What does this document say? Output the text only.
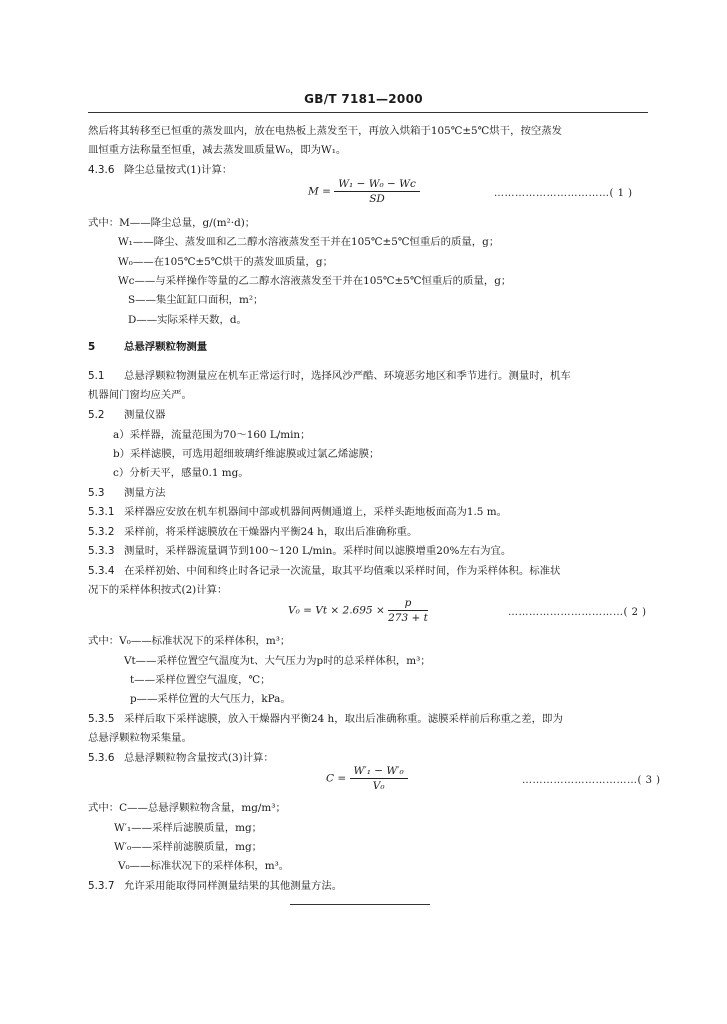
GB/T 7181—2000
然后将其转移至已恒重的蒸发皿内，放在电热板上蒸发至干，再放入烘箱于105℃±5℃烘干，按空蒸发
皿恒重方法称量至恒重，减去蒸发皿质量W₀，即为W₁。
4.3.6 降尘总量按式(1)计算：
$M = \frac{\text{W₁ − W₀ − Wc}}{SD}$	……………………………( 1 )
式中：M——降尘总量，g/(m²·d)；
W₁——降尘、蒸发皿和乙二醇水溶液蒸发至干并在105℃±5℃恒重后的质量，g；
W₀——在105℃±5℃烘干的蒸发皿质量，g；
Wc——与采样操作等量的乙二醇水溶液蒸发至干并在105℃±5℃恒重后的质量，g；
S——集尘缸缸口面积，m²；
D——实际采样天数，d。
5	总悬浮颗粒物测量
5.1 总悬浮颗粒物测量应在机车正常运行时，选择风沙严酷、环境恶劣地区和季节进行。测量时，机车
机器间门窗均应关严。
5.2 测量仪器
a）采样器，流量范围为70～160 L/min；
b）采样滤膜，可选用超细玻璃纤维滤膜或过氯乙烯滤膜；
c）分析天平，感量0.1 mg。
5.3 测量方法
5.3.1 采样器应安放在机车机器间中部或机器间两侧通道上，采样头距地板面高为1.5 m。
5.3.2 采样前，将采样滤膜放在干燥器内平衡24 h，取出后准确称重。
5.3.3 测量时，采样器流量调节到100～120 L/min。采样时间以滤膜增重20%左右为宜。
5.3.4 在采样初始、中间和终止时各记录一次流量，取其平均值乘以采样时间，作为采样体积。标准状
况下的采样体积按式(2)计算：
$V_0 = Vt \times 2.695 \times \frac{p}{273 + t}$	……………………………( 2 )
式中：V₀——标准状况下的采样体积，m³；
Vt——采样位置空气温度为t、大气压力为p时的总采样体积，m³；
t——采样位置空气温度，℃；
p——采样位置的大气压力，kPa。
5.3.5 采样后取下采样滤膜，放入干燥器内平衡24 h，取出后准确称重。滤膜采样前后称重之差，即为
总悬浮颗粒物采集量。
5.3.6 总悬浮颗粒物含量按式(3)计算：
$C = \frac{\text{W′₁ − W′₀}}{\text{V₀}}$	……………………………( 3 )
式中：C——总悬浮颗粒物含量，mg/m³；
W′₁——采样后滤膜质量，mg；
W′₀——采样前滤膜质量，mg；
V₀——标准状况下的采样体积，m³。
5.3.7 允许采用能取得同样测量结果的其他测量方法。
